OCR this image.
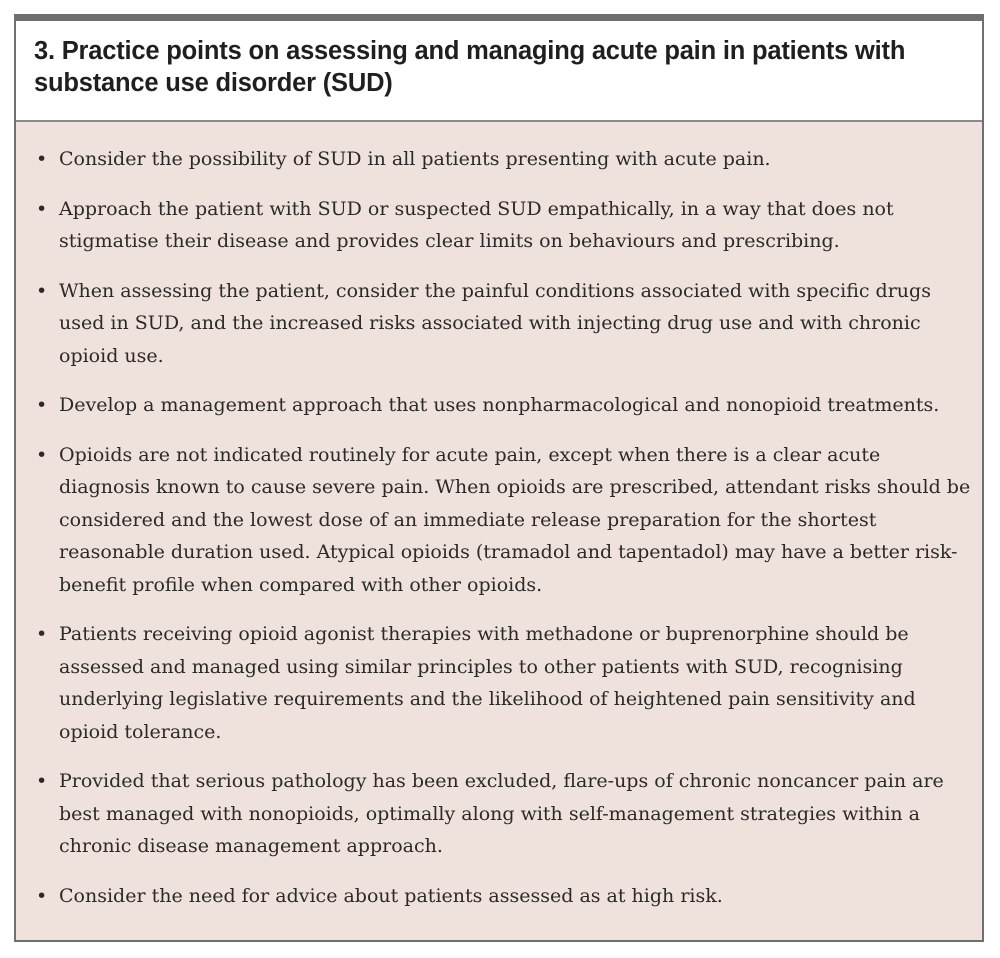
3. Practice points on assessing and managing acute pain in patients with substance use disorder (SUD)
• Consider the possibility of SUD in all patients presenting with acute pain.
• Approach the patient with SUD or suspected SUD empathically, in a way that does not stigmatise their disease and provides clear limits on behaviours and prescribing.
• When assessing the patient, consider the painful conditions associated with specific drugs used in SUD, and the increased risks associated with injecting drug use and with chronic opioid use.
• Develop a management approach that uses nonpharmacological and nonopioid treatments.
• Opioids are not indicated routinely for acute pain, except when there is a clear acute diagnosis known to cause severe pain. When opioids are prescribed, attendant risks should be considered and the lowest dose of an immediate release preparation for the shortest reasonable duration used. Atypical opioids (tramadol and tapentadol) may have a better risk-benefit profile when compared with other opioids.
• Patients receiving opioid agonist therapies with methadone or buprenorphine should be assessed and managed using similar principles to other patients with SUD, recognising underlying legislative requirements and the likelihood of heightened pain sensitivity and opioid tolerance.
• Provided that serious pathology has been excluded, flare-ups of chronic noncancer pain are best managed with nonopioids, optimally along with self-management strategies within a chronic disease management approach.
• Consider the need for advice about patients assessed as at high risk.
